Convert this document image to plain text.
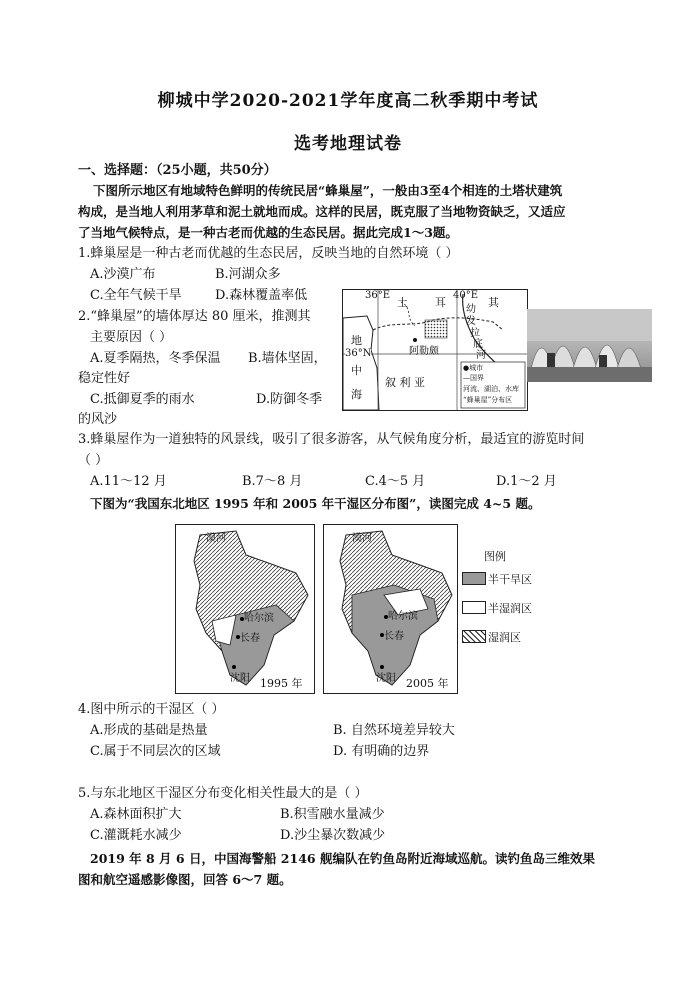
柳城中学2020-2021学年度高二秋季期中考试
选考地理试卷
一、选择题：（25小题，共50分）
下图所示地区有地域特色鲜明的传统民居“蜂巢屋”，一般由3至4个相连的土塔状建筑
构成，是当地人利用茅草和泥土就地而成。这样的民居，既克服了当地物资缺乏，又适应
了当地气候特点，是一种古老而优越的生态民居。据此完成1～3题。
1.蜂巢屋是一种古老而优越的生态民居，反映当地的自然环境（ ）
A.沙漠广布	B.河湖众多
C.全年气候干旱	D.森林覆盖率低
2.“蜂巢屋”的墙体厚达 80 厘米，推测其
主要原因（ ）
A.夏季隔热，冬季保温 B.墙体坚固，
稳定性好
C.抵御夏季的雨水	D.防御冬季
的风沙
36°E	40°E
36°N
土 耳	其
幼
发
拉
底
河
地
中
海
阿勒颇
叙 利 亚
●城市
—国界
河流、湖泊、水库
“蜂巢屋”分布区
3.蜂巢屋作为一道独特的风景线，吸引了很多游客，从气候角度分析，最适宜的游览时间
（ ）
A.11～12 月	B.7～8 月	C.4～5 月	D.1～2 月
下图为“我国东北地区 1995 年和 2005 年干湿区分布图”，读图完成 4~5 题。
漠河
哈尔滨
长春
沈阳 1995 年
漠河
哈尔滨
长春
沈阳 2005 年
图例
半干旱区
半湿润区
湿润区
4.图中所示的干湿区（ ）
A.形成的基础是热量	B. 自然环境差异较大
C.属于不同层次的区域	D. 有明确的边界
5.与东北地区干湿区分布变化相关性最大的是（ ）
A.森林面积扩大	B.积雪融水量减少
C.灌溉耗水减少	D.沙尘暴次数减少
2019 年 8 月 6 日，中国海警船 2146 舰编队在钓鱼岛附近海域巡航。读钓鱼岛三维效果
图和航空遥感影像图，回答 6～7 题。
